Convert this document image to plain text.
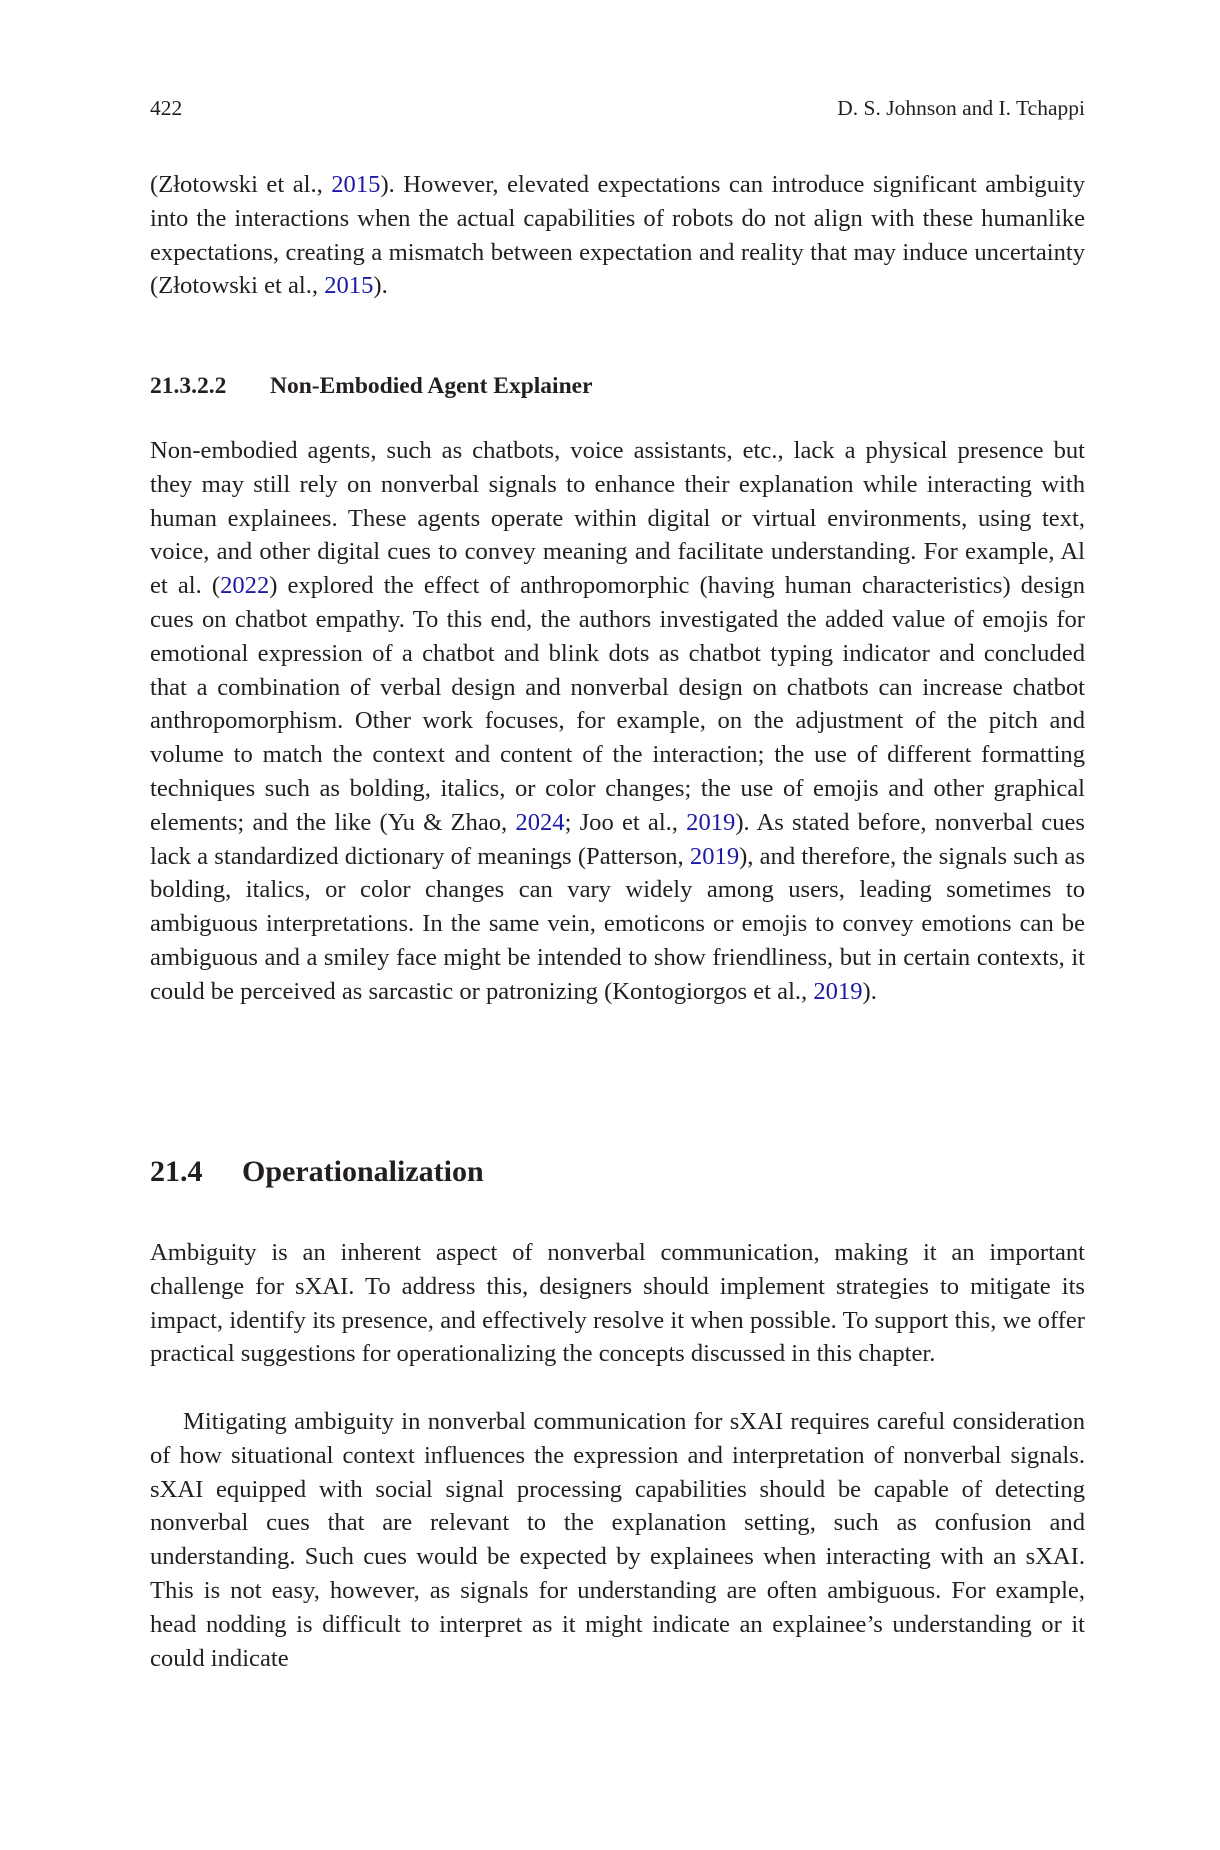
422	D. S. Johnson and I. Tchappi

(Złotowski et al., 2015). However, elevated expectations can introduce significant ambiguity into the interactions when the actual capabilities of robots do not align with these humanlike expectations, creating a mismatch between expectation and reality that may induce uncertainty (Złotowski et al., 2015).

21.3.2.2 Non-Embodied Agent Explainer

Non-embodied agents, such as chatbots, voice assistants, etc., lack a physical presence but they may still rely on nonverbal signals to enhance their explanation while interacting with human explainees. These agents operate within digital or virtual environments, using text, voice, and other digital cues to convey meaning and facilitate understanding. For example, Al et al. (2022) explored the effect of anthropomorphic (having human characteristics) design cues on chatbot empathy. To this end, the authors investigated the added value of emojis for emotional expression of a chatbot and blink dots as chatbot typing indicator and concluded that a combination of verbal design and nonverbal design on chatbots can increase chatbot anthropomorphism. Other work focuses, for example, on the adjustment of the pitch and volume to match the context and content of the interaction; the use of different formatting techniques such as bolding, italics, or color changes; the use of emojis and other graphical elements; and the like (Yu & Zhao, 2024; Joo et al., 2019). As stated before, nonverbal cues lack a standardized dictionary of meanings (Patterson, 2019), and therefore, the signals such as bolding, italics, or color changes can vary widely among users, leading sometimes to ambiguous interpretations. In the same vein, emoticons or emojis to convey emotions can be ambiguous and a smiley face might be intended to show friendliness, but in certain contexts, it could be perceived as sarcastic or patronizing (Kontogiorgos et al., 2019).

21.4 Operationalization

Ambiguity is an inherent aspect of nonverbal communication, making it an important challenge for sXAI. To address this, designers should implement strategies to mitigate its impact, identify its presence, and effectively resolve it when possible. To support this, we offer practical suggestions for operationalizing the concepts discussed in this chapter.

Mitigating ambiguity in nonverbal communication for sXAI requires careful consideration of how situational context influences the expression and interpretation of nonverbal signals. sXAI equipped with social signal processing capabilities should be capable of detecting nonverbal cues that are relevant to the explanation setting, such as confusion and understanding. Such cues would be expected by explainees when interacting with an sXAI. This is not easy, however, as signals for understanding are often ambiguous. For example, head nodding is difficult to interpret as it might indicate an explainee’s understanding or it could indicate
